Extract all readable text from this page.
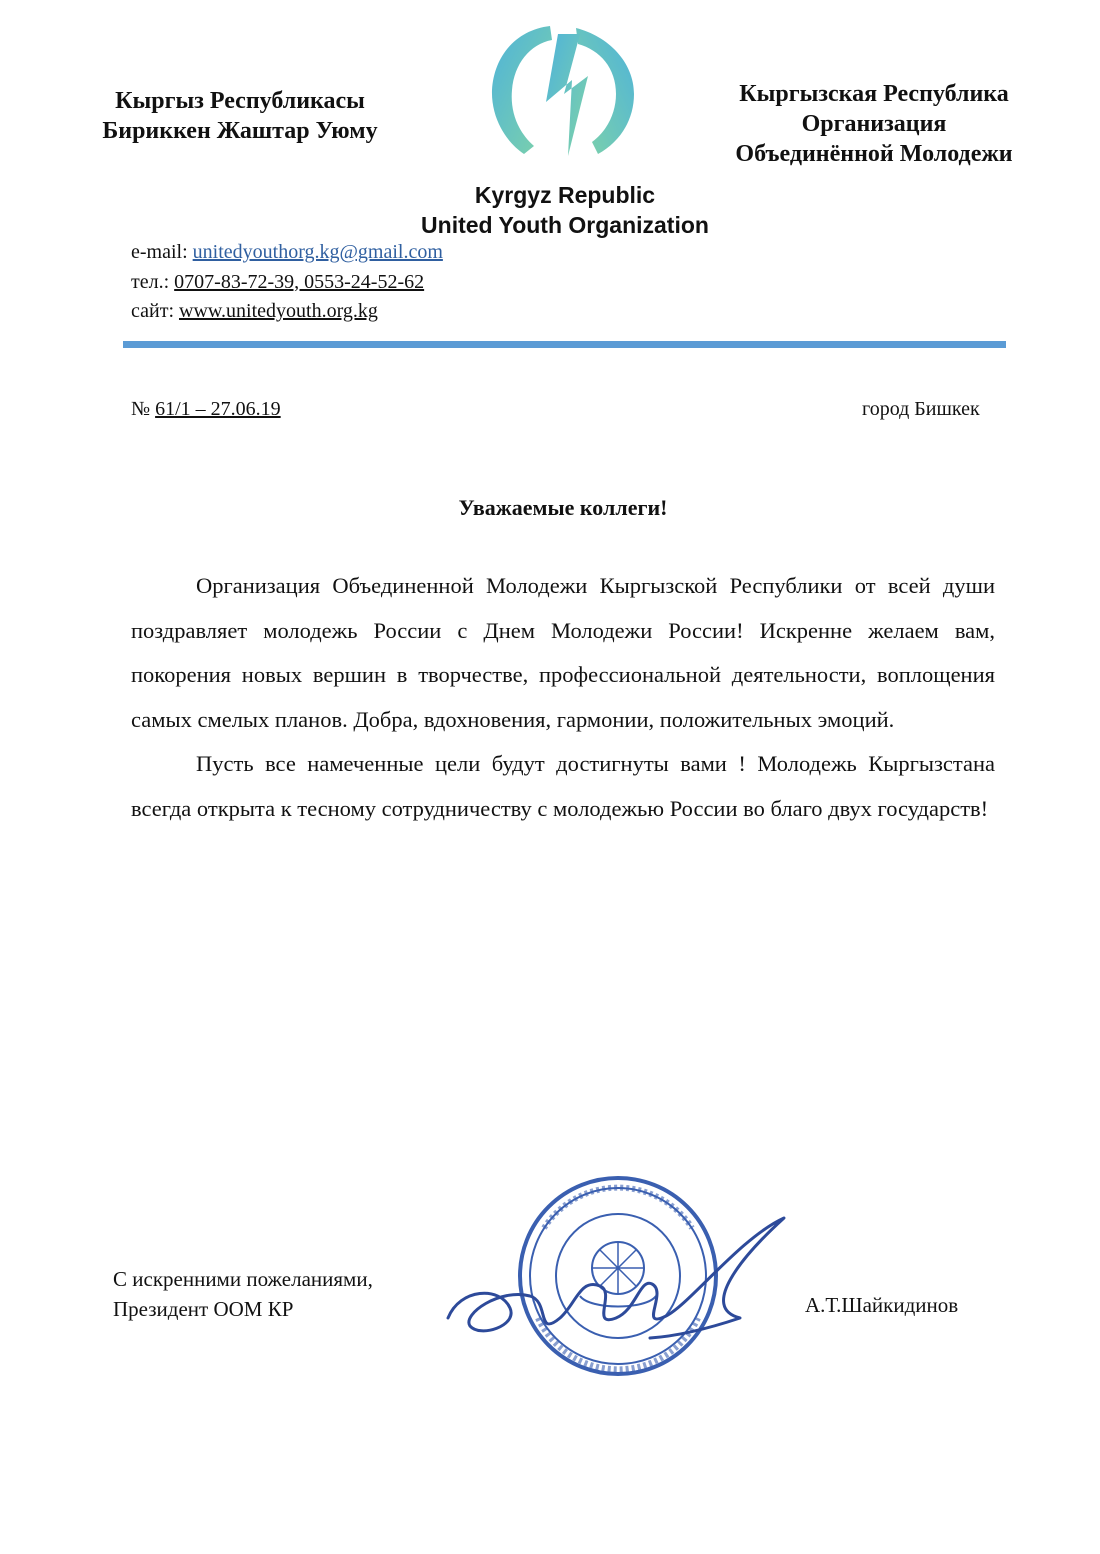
Кыргыз Республикасы
Бириккен Жаштар Уюму
Кыргызская Республика
Организация
Объединённой Молодежи
Kyrgyz Republic
United Youth Organization
e-mail: unitedyouthorg.kg@gmail.com
тел.: 0707-83-72-39, 0553-24-52-62
сайт: www.unitedyouth.org.kg
№ 61/1 – 27.06.19	город Бишкек
Уважаемые коллеги!

Организация Объединенной Молодежи Кыргызской Республики от всей души поздравляет молодежь России с Днем Молодежи России! Искренне желаем вам, покорения новых вершин в творчестве, профессиональной деятельности, воплощения самых смелых планов. Добра, вдохновения, гармонии, положительных эмоций.

Пусть все намеченные цели будут достигнуты вами ! Молодежь Кыргызстана всегда открыта к тесному сотрудничеству с молодежью России во благо двух государств!

С искренними пожеланиями,
Президент ООМ КР	А.Т.Шайкидинов
